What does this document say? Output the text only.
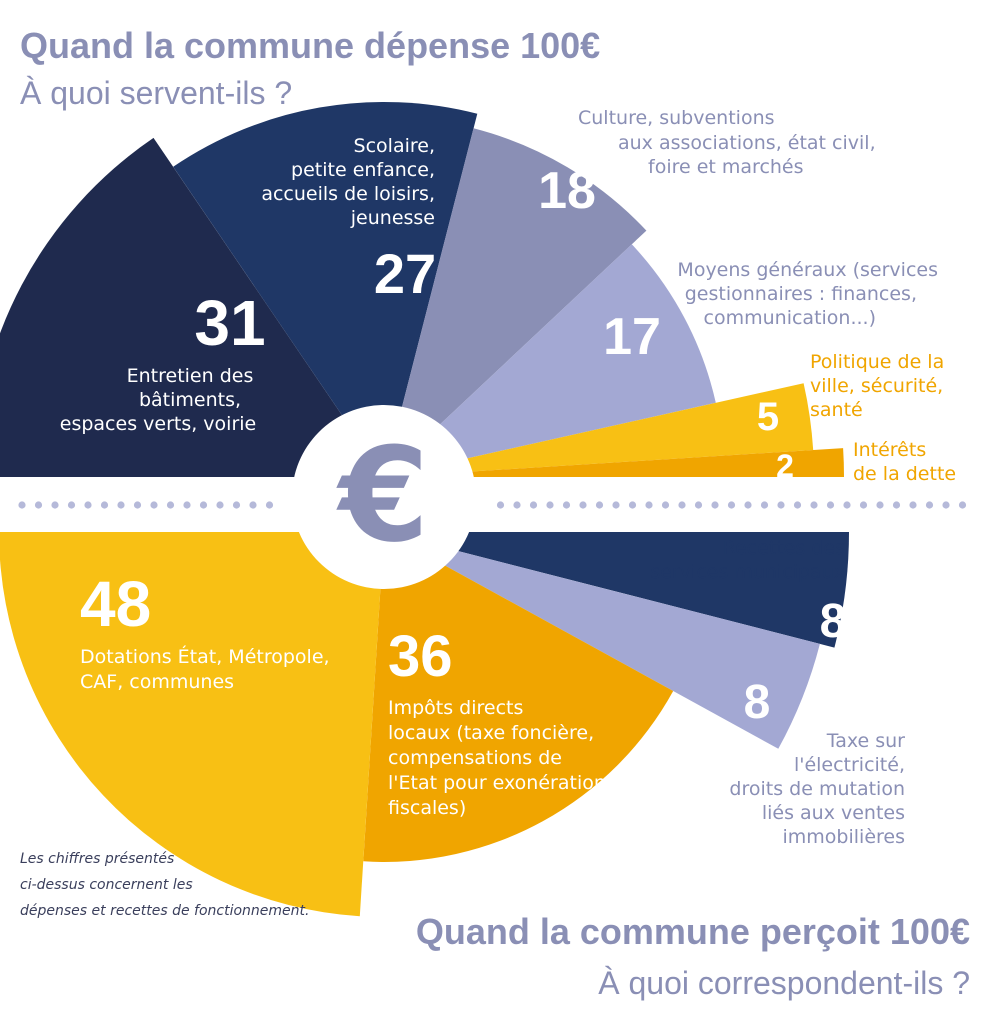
Quand la commune dépense 100€
À quoi servent-ils ?
Quand la commune perçoit 100€
À quoi correspondent-ils ?
€
31
Entretien des
bâtiments,
espaces verts, voirie
Scolaire,
petite enfance,
accueils de loisirs,
jeunesse
27
18
Culture, subventions
aux associations, état civil,
foire et marchés
17
Moyens généraux (services
gestionnaires : finances,
communication...)
5
Politique de la
ville, sécurité,
santé
2	Intérêts
de la dette
Recettes des
services municipaux
8
8
Taxe sur
l'électricité,
droits de mutation
liés aux ventes
immobilières
36
Impôts directs
locaux (taxe foncière,
compensations de
l'Etat pour exonérations
fiscales)
48
Dotations État, Métropole,
CAF, communes
Les chiffres présentés
ci-dessus concernent les
dépenses et recettes de fonctionnement.
